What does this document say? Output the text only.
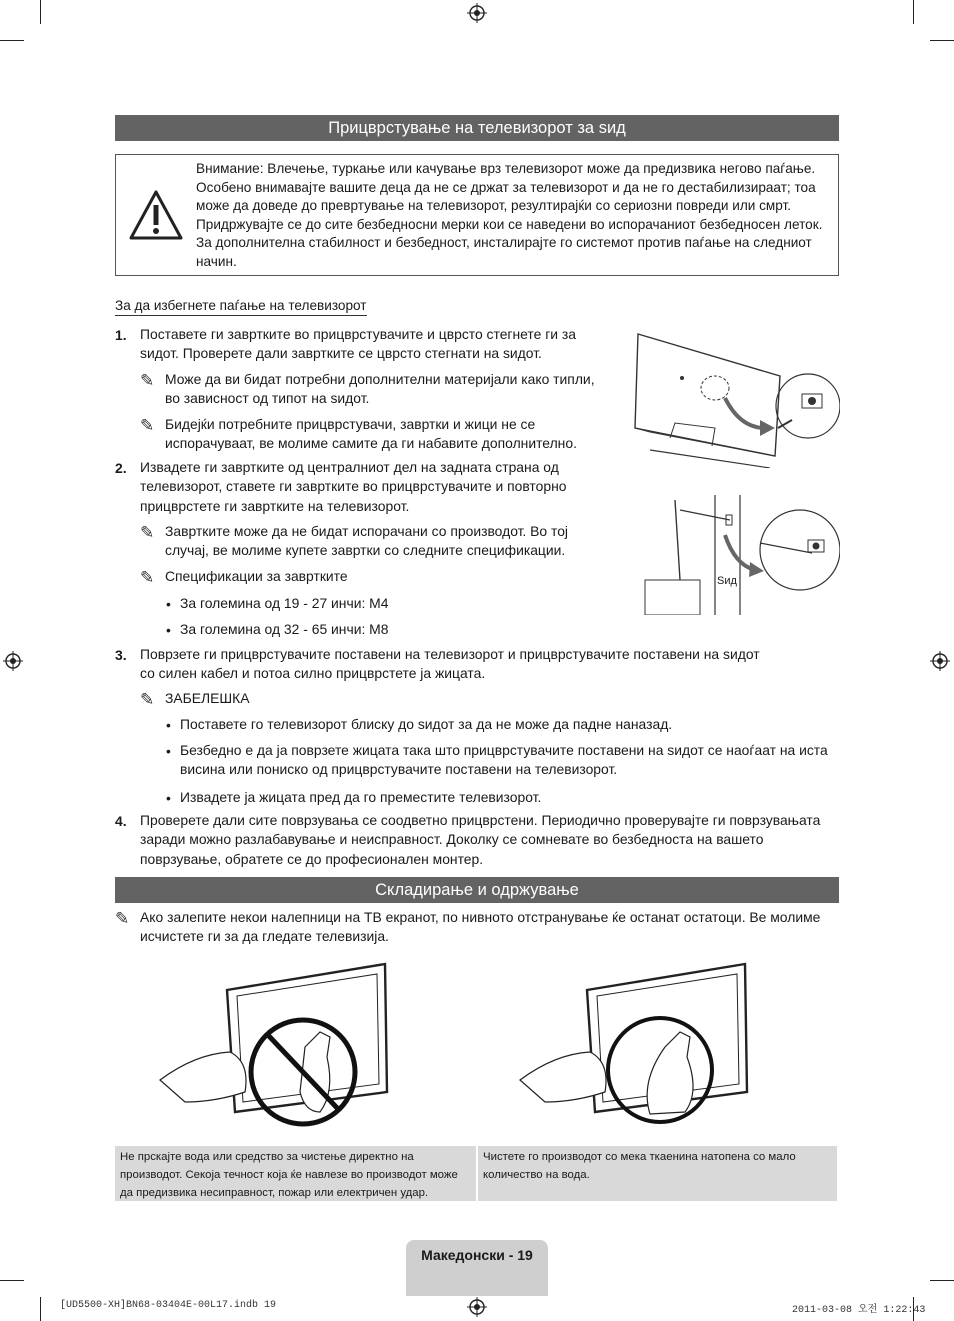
Прицврстување на телевизорот за ѕид
Внимание: Влечење, туркање или качување врз телевизорот може да предизвика негово паѓање. Особено внимавајте вашите деца да не се држат за телевизорот и да не го дестабилизираат; тоа може да доведе до превртување на телевизорот, резултирајќи со сериозни повреди или смрт. Придржувајте се до сите безбедносни мерки кои се наведени во испорачаниот безбедносен леток. За дополнителна стабилност и безбедност, инсталирајте го системот против паѓање на следниот начин.
За да избегнете паѓање на телевизорот
1. Поставете ги завртките во прицврстувачите и цврсто стегнете ги за ѕидот. Проверете дали завртките се цврсто стегнати на ѕидот.
✎ Може да ви бидат потребни дополнителни материјали како типли, во зависност од типот на ѕидот.
✎ Бидејќи потребните прицврстувачи, завртки и жици не се испорачуваат, ве молиме самите да ги набавите дополнително.
2. Извадете ги завртките од централниот дел на задната страна од телевизорот, ставете ги завртките во прицврстувачите и повторно прицврстете ги завртките на телевизорот.
✎ Завртките може да не бидат испорачани со производот. Во тој случај, ве молиме купете завртки со следните спецификации.
✎ Спецификации за завртките
• За големина од 19 - 27 инчи: M4
• За големина од 32 - 65 инчи: M8
3. Поврзете ги прицврстувачите поставени на телевизорот и прицврстувачите поставени на ѕидот со силен кабел и потоа силно прицврстете ја жицата.
✎ ЗАБЕЛЕШКА
• Поставете го телевизорот блиску до ѕидот за да не може да падне наназад.
• Безбедно е да ја поврзете жицата така што прицврстувачите поставени на ѕидот се наоѓаат на иста висина или пониско од прицврстувачите поставени на телевизорот.
• Извадете ја жицата пред да го преместите телевизорот.
4. Проверете дали сите поврзувања се соодветно прицврстени. Периодично проверувајте ги поврзувањата заради можно разлабавување и неисправност. Доколку се сомневате во безбедноста на вашето поврзување, обратете се до професионален монтер.
Ѕид
Складирање и одржување
✎ Ако залепите некои налепници на ТВ екранот, по нивното отстранување ќе останат остатоци. Ве молиме исчистете ги за да гледате телевизија.
Не прскајте вода или средство за чистење директно на производот. Секоја течност која ќе навлезе во производот може да предизвика несиправност, пожар или електричен удар.
Чистете го производот со мека ткаенина натопена со мало количество на вода.
Македонски - 19
[UD5500-XH]BN68-03404E-00L17.indb 19	2011-03-08 오전 1:22:43
